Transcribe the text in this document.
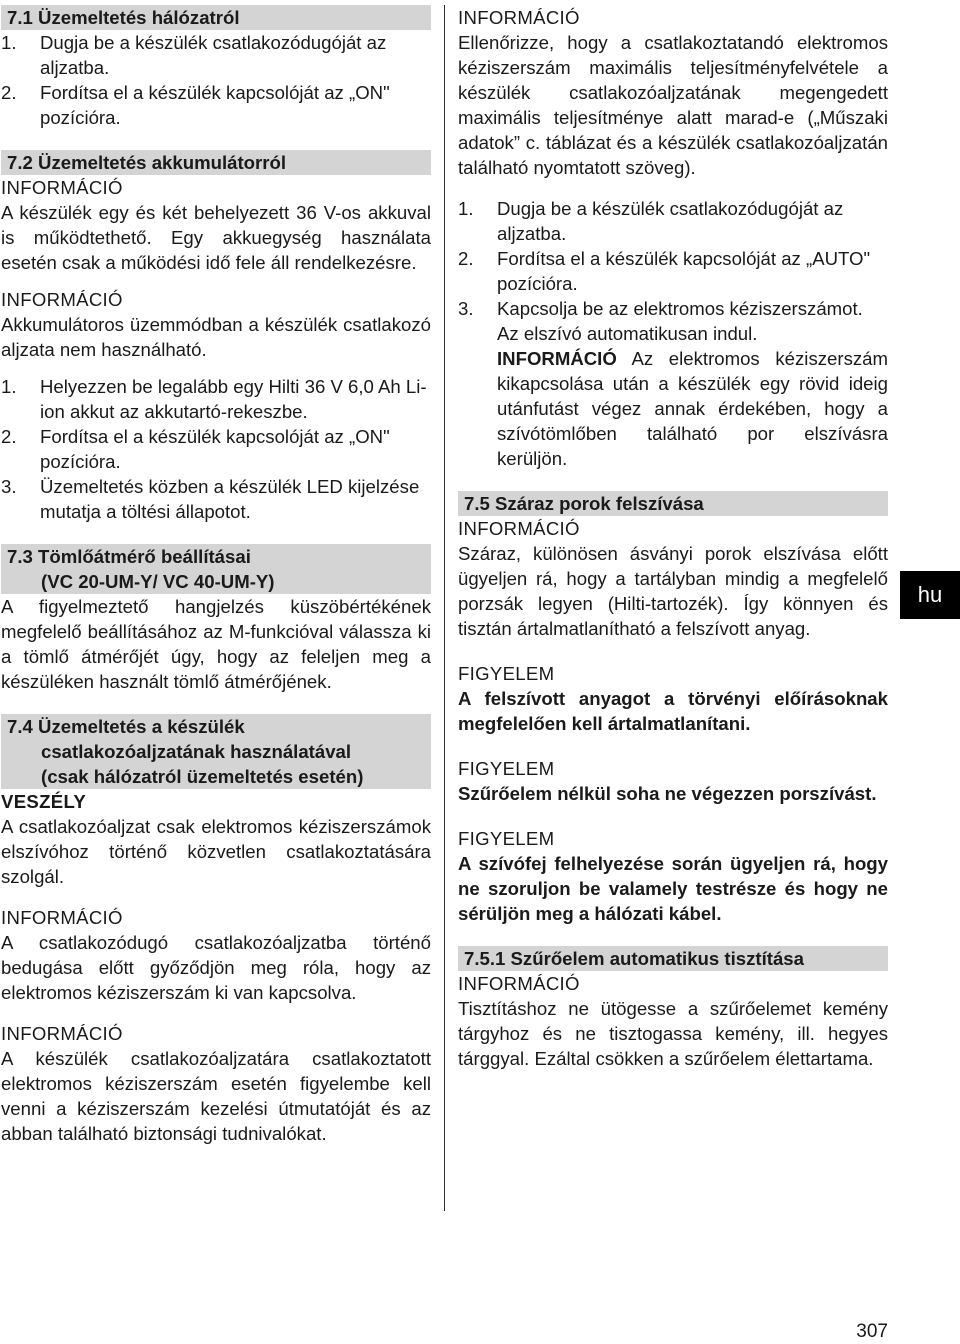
7.1 Üzemeltetés hálózatról
1. Dugja be a készülék csatlakozódugóját az aljzatba.
2. Fordítsa el a készülék kapcsolóját az „ON" pozícióra.
7.2 Üzemeltetés akkumulátorról
INFORMÁCIÓ

A készülék egy és két behelyezett 36 V-os akkuval is működtethető. Egy akkuegység használata esetén csak a működési idő fele áll rendelkezésre.

INFORMÁCIÓ

Akkumulátoros üzemmódban a készülék csatlakozó aljzata nem használható.

1. Helyezzen be legalább egy Hilti 36 V 6,0 Ah Li-ion akkut az akkutartó-rekeszbe.
2. Fordítsa el a készülék kapcsolóját az „ON" pozícióra.
3. Üzemeltetés közben a készülék LED kijelzése mutatja a töltési állapotot.
7.3 Tömlőátmérő beállításai
(VC 20-UM-Y/ VC 40-UM-Y)

A figyelmeztető hangjelzés küszöbértékének megfelelő beállításához az M-funkcióval válassza ki a tömlő átmérőjét úgy, hogy az feleljen meg a készüléken használt tömlő átmérőjének.

7.4 Üzemeltetés a készülék
csatlakozóaljzatának használatával
(csak hálózatról üzemeltetés esetén)
VESZÉLY

A csatlakozóaljzat csak elektromos kéziszerszámok elszívóhoz történő közvetlen csatlakoztatására szolgál.

INFORMÁCIÓ

A csatlakozódugó csatlakozóaljzatba történő bedugása előtt győződjön meg róla, hogy az elektromos kéziszerszám ki van kapcsolva.

INFORMÁCIÓ

A készülék csatlakozóaljzatára csatlakoztatott elektromos kéziszerszám esetén figyelembe kell venni a kéziszerszám kezelési útmutatóját és az abban található biztonsági tudnivalókat.

INFORMÁCIÓ

Ellenőrizze, hogy a csatlakoztatandó elektromos kéziszerszám maximális teljesítményfelvétele a készülék csatlakozóaljzatának megengedett maximális teljesítménye alatt marad-e („Műszaki adatok” c. táblázat és a készülék csatlakozóaljzatán található nyomtatott szöveg).

1. Dugja be a készülék csatlakozódugóját az aljzatba.
2. Fordítsa el a készülék kapcsolóját az „AUTO" pozícióra.
3. Kapcsolja be az elektromos kéziszerszámot. Az elszívó automatikusan indul.

INFORMÁCIÓ Az elektromos kéziszerszám kikapcsolása után a készülék egy rövid ideig utánfutást végez annak érdekében, hogy a szívótömlőben található por elszívásra kerüljön.

7.5 Száraz porok felszívása
INFORMÁCIÓ

Száraz, különösen ásványi porok elszívása előtt ügyeljen rá, hogy a tartályban mindig a megfelelő porzsák legyen (Hilti-tartozék). Így könnyen és tisztán ártalmatlanítható a felszívott anyag.

FIGYELEM

A felszívott anyagot a törvényi előírásoknak megfelelően kell ártalmatlanítani.

FIGYELEM

Szűrőelem nélkül soha ne végezzen porszívást.

FIGYELEM

A szívófej felhelyezése során ügyeljen rá, hogy ne szoruljon be valamely testrésze és hogy ne sérüljön meg a hálózati kábel.

7.5.1 Szűrőelem automatikus tisztítása
INFORMÁCIÓ

Tisztításhoz ne ütögesse a szűrőelemet kemény tárgyhoz és ne tisztogassa kemény, ill. hegyes tárggyal. Ezáltal csökken a szűrőelem élettartama.

hu
307
